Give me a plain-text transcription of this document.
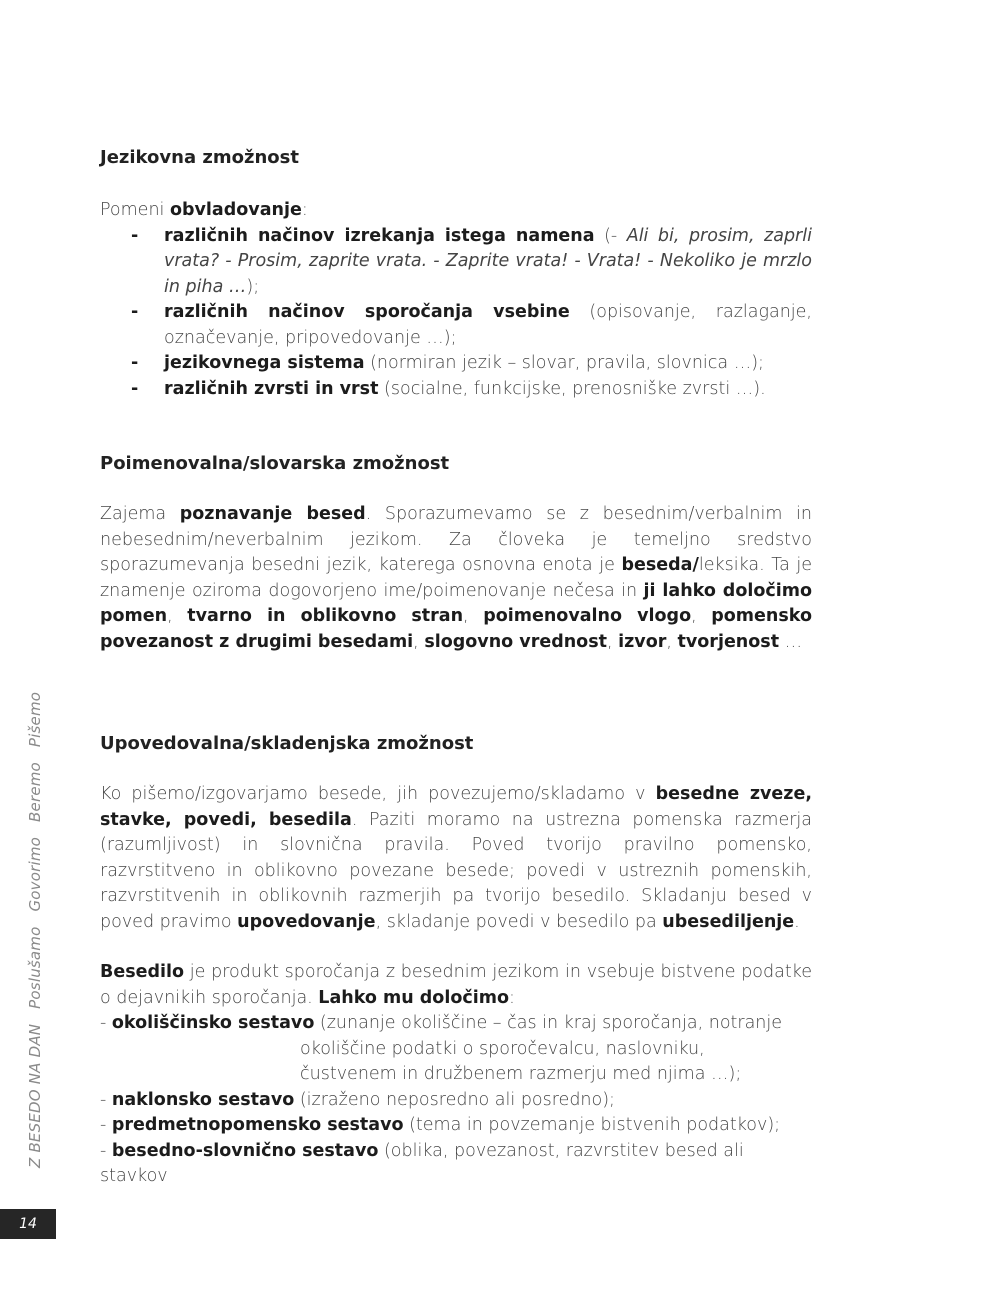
Jezikovna zmožnost
Pomeni obvladovanje:
- različnih načinov izrekanja istega namena (- Ali bi, prosim, zaprli vrata? - Prosim, zaprite vrata. - Zaprite vrata! - Vrata! - Nekoliko je mrzlo in piha …);
- različnih načinov sporočanja vsebine (opisovanje, razlaganje, označevanje, pripovedovanje …);
- jezikovnega sistema (normiran jezik – slovar, pravila, slovnica …);
- različnih zvrsti in vrst (socialne, funkcijske, prenosniške zvrsti …).
Poimenovalna/slovarska zmožnost
Zajema poznavanje besed. Sporazumevamo se z besednim/verbalnim in nebesednim/neverbalnim jezikom. Za človeka je temeljno sredstvo sporazumevanja besedni jezik, katerega osnovna enota je beseda/leksika. Ta je znamenje oziroma dogovorjeno ime/poimenovanje nečesa in ji lahko določimo pomen, tvarno in oblikovno stran, poimenovalno vlogo, pomensko povezanost z drugimi besedami, slogovno vrednost, izvor, tvorjenost …
Upovedovalna/skladenjska zmožnost
Ko pišemo/izgovarjamo besede, jih povezujemo/skladamo v besedne zveze, stavke, povedi, besedila. Paziti moramo na ustrezna pomenska razmerja (razumljivost) in slovnična pravila. Poved tvorijo pravilno pomensko, razvrstitveno in oblikovno povezane besede; povedi v ustreznih pomenskih, razvrstitvenih in oblikovnih razmerjih pa tvorijo besedilo. Skladanju besed v poved pravimo upovedovanje, skladanje povedi v besedilo pa ubesediljenje.
Besedilo je produkt sporočanja z besednim jezikom in vsebuje bistvene podatke o dejavnikih sporočanja. Lahko mu določimo:
- okoliščinsko sestavo (zunanje okoliščine – čas in kraj sporočanja, notranje
okoliščine podatki o sporočevalcu, naslovniku,
čustvenem in družbenem razmerju med njima …);
- naklonsko sestavo (izraženo neposredno ali posredno);
- predmetnopomensko sestavo (tema in povzemanje bistvenih podatkov);
- besedno-slovnično sestavo (oblika, povezanost, razvrstitev besed ali stavkov
Z BESEDO NA DAN Poslušamo Govorimo Beremo Pišemo
14
